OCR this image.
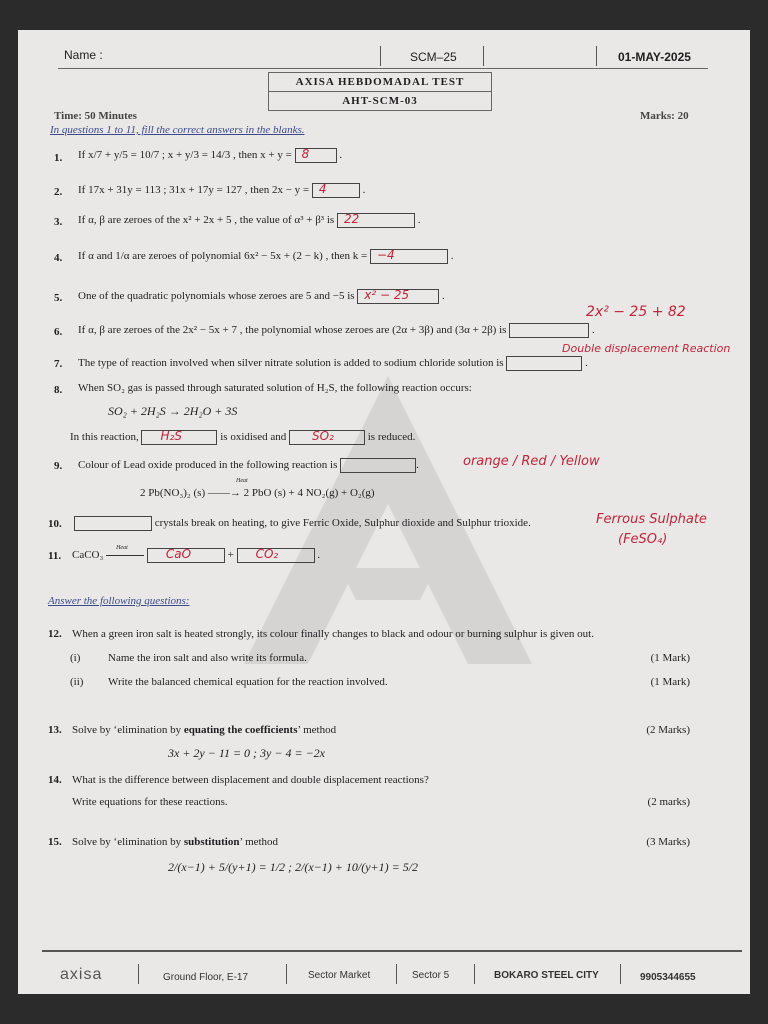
Name :	SCM–25	01-MAY-2025
AXISA HEBDOMADAL TEST
AHT-SCM-03
Time: 50 Minutes	Marks: 20
In questions 1 to 11, fill the correct answers in the blanks.
1. If x/7 + y/5 = 10/7 ; x + y/3 = 14/3 , then x + y = 8	.
2. If 17x + 31y = 113 ; 31x + 17y = 127 , then 2x − y = 4	.
3. If α, β are zeroes of the x² + 2x + 5 , the value of α³ + β³ is 22	.
4. If α and 1/α are zeroes of polynomial 6x² − 5x + (2 − k) , then k = −4	.
5. One of the quadratic polynomials whose zeroes are 5 and −5 is x² − 25	.
2x² − 25 + 82
6. If α, β are zeroes of the 2x² − 5x + 7 , the polynomial whose zeroes are (2α + 3β) and (3α + 2β) is	.
Double displacement Reaction
7. The type of reaction involved when silver nitrate solution is added to sodium chloride solution is	.
8. When SO₂ gas is passed through saturated solution of H₂S, the following reaction occurs:
SO₂ + 2H₂S → 2H₂O + 3S
In this reaction, H₂S	is oxidised and SO₂	is reduced.
9. Colour of Lead oxide produced in the following reaction is	.	orange / Red / Yellow
Heat
2 Pb(NO₃)₂ (s) ——→ 2 PbO (s) + 4 NO₂(g) + O₂(g)
10.	crystals break on heating, to give Ferric Oxide, Sulphur dioxide and Sulphur trioxide.	Ferrous Sulphate
(FeSO₄)
11. CaCO₃
Heat
	CaO	+ CO₂	.
Answer the following questions:
12. When a green iron salt is heated strongly, its colour finally changes to black and odour or burning sulphur is given out.
(i)	Name the iron salt and also write its formula.	(1 Mark)
(ii) Write the balanced chemical equation for the reaction involved.	(1 Mark)
13. Solve by ‘elimination by equating the coefficients’ method	(2 Marks)
3x + 2y − 11 = 0 ; 3y − 4 = −2x
14. What is the difference between displacement and double displacement reactions?
Write equations for these reactions.	(2 marks)
15. Solve by ‘elimination by substitution’ method	(3 Marks)
2/(x−1) + 5/(y+1) = 1/2 ; 2/(x−1) + 10/(y+1) = 5/2
axisa	Ground Floor, E-17	Sector Market	Sector 5	BOKARO STEEL CITY	9905344655
